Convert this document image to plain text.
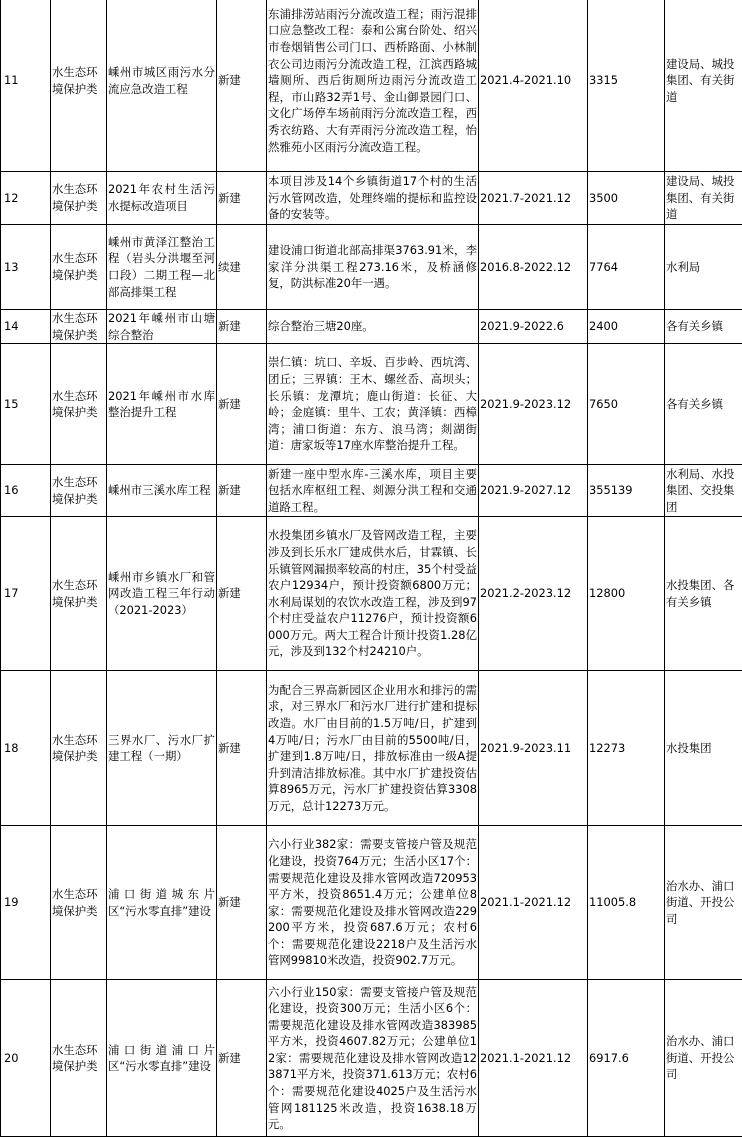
11	水生态环境保护类	嵊州市城区雨污水分流应急改造工程	新建	东浦排涝站雨污分流改造工程；雨污混排口应急整改工程：泰和公寓台阶处、绍兴市卷烟销售公司门口、西桥路面、小林制衣公司边雨污分流改造工程，江滨西路城墙厕所、西后街厕所边雨污分流改造工程，市山路32弄1号、金山御景园门口、文化广场停车场前雨污分流改造工程，西秀衣纺路、大有弄雨污分流改造工程，怡然雅苑小区雨污分流改造工程。	2021.4-2021.10	3315	建设局、城投集团、有关街道
12	水生态环境保护类	2021年农村生活污水提标改造项目	新建	本项目涉及14个乡镇街道17个村的生活污水管网改造，处理终端的提标和监控设备的安装等。	2021.7-2021.12	3500	建设局、城投集团、有关街道
13	水生态环境保护类	嵊州市黄泽江整治工程（岩头分洪堰至河口段）二期工程—北部高排渠工程	续建	建设浦口街道北部高排渠3763.91米，李家洋分洪渠工程273.16米，及桥涵修复，防洪标准20年一遇。	2016.8-2022.12	7764	水利局
14	水生态环境保护类	2021年嵊州市山塘综合整治	新建	综合整治三塘20座。	2021.9-2022.6	2400	各有关乡镇
15	水生态环境保护类	2021年嵊州市水库整治提升工程	新建	崇仁镇：坑口、辛坂、百步岭、西坑湾、团丘；三界镇：王木、螺丝岙、高坝头；长乐镇：龙潭坑；鹿山街道：长征、大岭；金庭镇：里牛、工农；黄泽镇：西樟湾；浦口街道：东方、浪马湾；剡湖街道：唐家坂等17座水库整治提升工程。	2021.9-2023.12	7650	各有关乡镇
16	水生态环境保护类	嵊州市三溪水库工程	新建	新建一座中型水库-三溪水库，项目主要包括水库枢纽工程、剡源分洪工程和交通道路工程。	2021.9-2027.12	355139	水利局、水投集团、交投集团
17	水生态环境保护类	嵊州市乡镇水厂和管网改造工程三年行动（2021-2023）	新建	水投集团乡镇水厂及管网改造工程，主要涉及到长乐水厂建成供水后，甘霖镇、长乐镇管网漏损率较高的村庄，35个村受益农户12934户，预计投资额6800万元；水利局谋划的农饮水改造工程，涉及到97个村庄受益农户11276户，预计投资额6000万元。两大工程合计预计投资1.28亿元，涉及到132个村24210户。	2021.2-2023.12	12800	水投集团、各有关乡镇
18	水生态环境保护类	三界水厂、污水厂扩建工程（一期）	新建	为配合三界高新园区企业用水和排污的需求，对三界水厂和污水厂进行扩建和提标改造。水厂由目前的1.5万吨/日，扩建到4万吨/日；污水厂由目前的5500吨/日，扩建到1.8万吨/日，排放标准由一级A提升到清洁排放标准。其中水厂扩建投资估算8965万元，污水厂扩建投资估算3308万元，总计12273万元。	2021.9-2023.11	12273	水投集团
19	水生态环境保护类	浦口街道城东片区“污水零直排”建设	新建	六小行业382家：需要支管接户管及规范化建设，投资764万元；生活小区17个：需要规范化建设及排水管网改造720953平方米，投资8651.4万元；公建单位8家：需要规范化建设及排水管网改造229200平方米，投资687.6万元；农村6个：需要规范化建设2218户及生活污水管网99810米改造，投资902.7万元。	2021.1-2021.12	11005.8	治水办、浦口街道、开投公司
20	水生态环境保护类	浦口街道浦口片区“污水零直排”建设	新建	六小行业150家：需要支管接户管及规范化建设，投资300万元；生活小区6个：需要规范化建设及排水管网改造383985平方米，投资4607.82万元；公建单位12家：需要规范化建设及排水管网改造123871平方米，投资371.613万元；农村6个：需要规范化建设4025户及生活污水管网181125米改造，投资1638.18万元。	2021.1-2021.12	6917.6	治水办、浦口街道、开投公司
